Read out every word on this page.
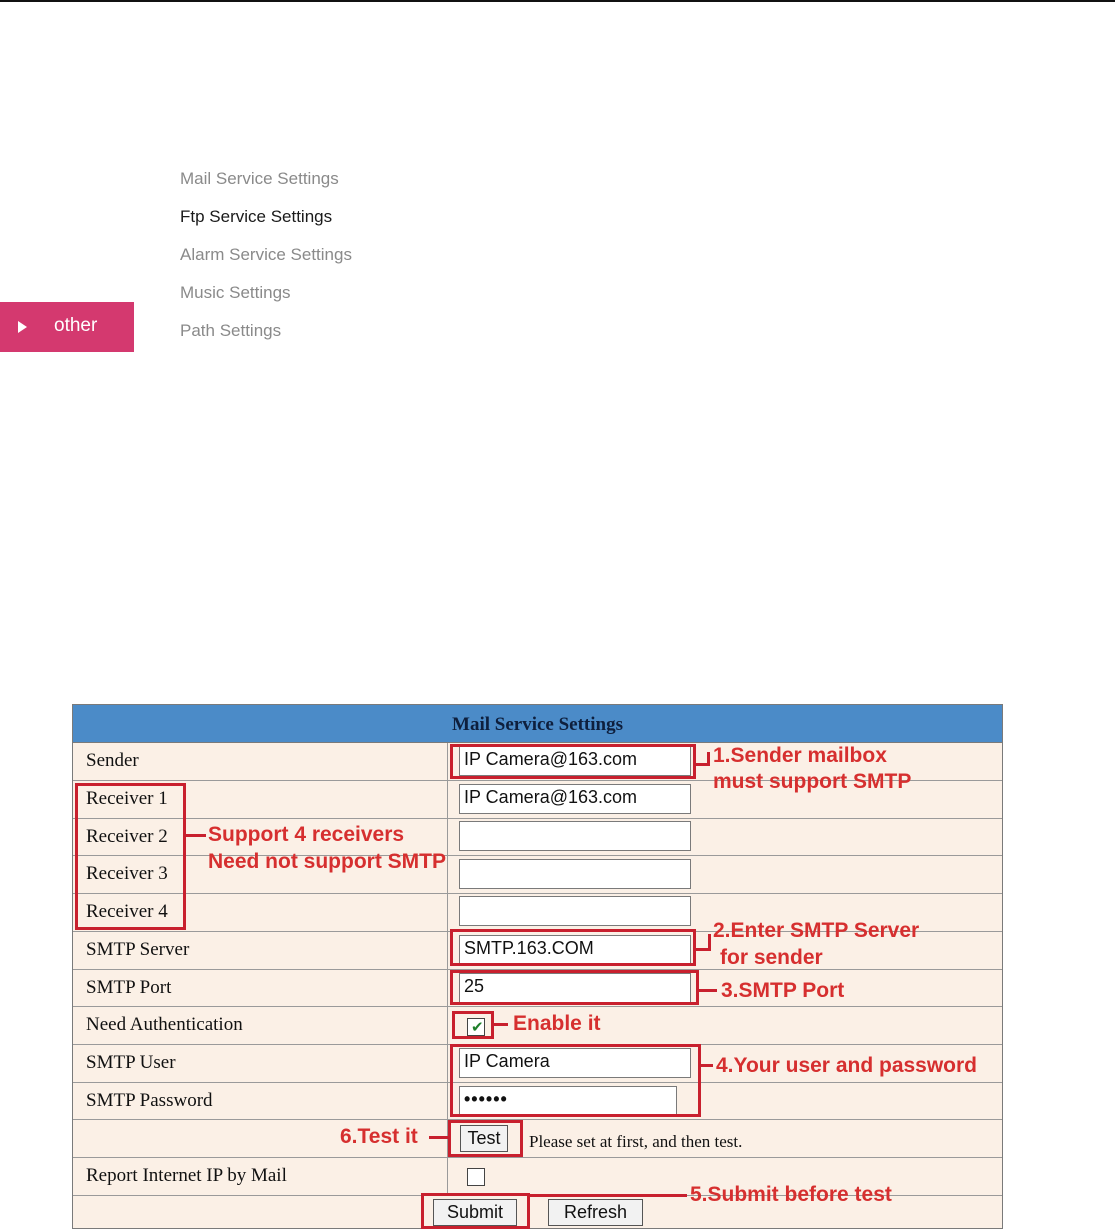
Mail Service Settings
Ftp Service Settings
Alarm Service Settings
Music Settings
Path Settings
other
Mail Service Settings
Sender	IP Camera@163.com
Receiver 1	IP Camera@163.com
Receiver 2
Receiver 3
Receiver 4
SMTP Server	SMTP.163.COM
SMTP Port	25
Need Authentication	✔
SMTP User	IP Camera
SMTP Password	••••••
Test	Please set at first, and then test.
Report Internet IP by Mail
Submit	Refresh
1.Sender mailbox
must support SMTP
Support 4 receivers
Need not support SMTP
2.Enter SMTP Server
for sender
3.SMTP Port
Enable it
4.Your user and password
6.Test it
5.Submit before test
